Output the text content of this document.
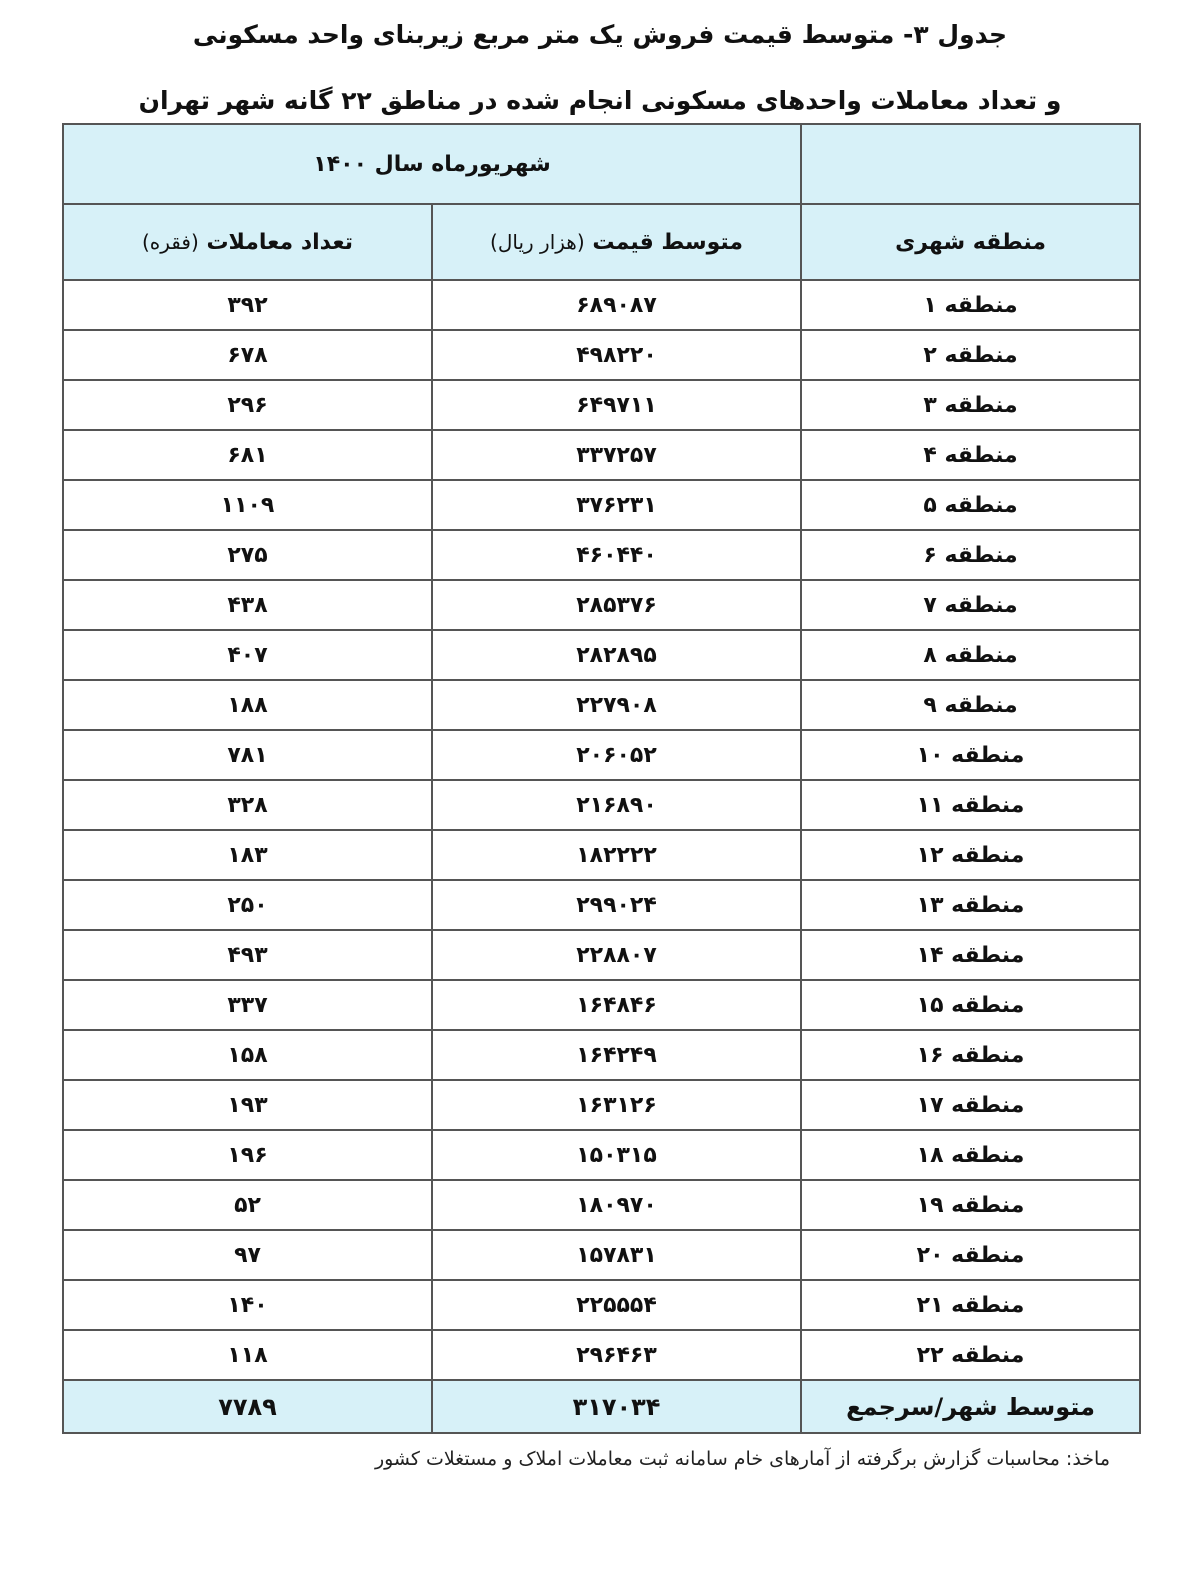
جدول ۳- متوسط قیمت فروش یک متر مربع زیربنای واحد مسکونی
و تعداد معاملات واحدهای مسکونی انجام شده در مناطق ۲۲ گانه شهر تهران
	شهریورماه سال ۱۴۰۰	
منطقه شهری	متوسط قیمت (هزار ریال)	تعداد معاملات (فقره)
منطقه ۱	۶۸۹۰۸۷	۳۹۲
منطقه ۲	۴۹۸۲۲۰	۶۷۸
منطقه ۳	۶۴۹۷۱۱	۲۹۶
منطقه ۴	۳۳۷۲۵۷	۶۸۱
منطقه ۵	۳۷۶۲۳۱	۱۱۰۹
منطقه ۶	۴۶۰۴۴۰	۲۷۵
منطقه ۷	۲۸۵۳۷۶	۴۳۸
منطقه ۸	۲۸۲۸۹۵	۴۰۷
منطقه ۹	۲۲۷۹۰۸	۱۸۸
منطقه ۱۰	۲۰۶۰۵۲	۷۸۱
منطقه ۱۱	۲۱۶۸۹۰	۳۲۸
منطقه ۱۲	۱۸۲۲۲۲	۱۸۳
منطقه ۱۳	۲۹۹۰۲۴	۲۵۰
منطقه ۱۴	۲۲۸۸۰۷	۴۹۳
منطقه ۱۵	۱۶۴۸۴۶	۳۳۷
منطقه ۱۶	۱۶۴۲۴۹	۱۵۸
منطقه ۱۷	۱۶۳۱۲۶	۱۹۳
منطقه ۱۸	۱۵۰۳۱۵	۱۹۶
منطقه ۱۹	۱۸۰۹۷۰	۵۲
منطقه ۲۰	۱۵۷۸۳۱	۹۷
منطقه ۲۱	۲۲۵۵۵۴	۱۴۰
منطقه ۲۲	۲۹۶۴۶۳	۱۱۸
متوسط شهر/سرجمع	۳۱۷۰۳۴	۷۷۸۹
ماخذ: محاسبات گزارش برگرفته از آمارهای خام سامانه ثبت معاملات املاک و مستغلات کشور
